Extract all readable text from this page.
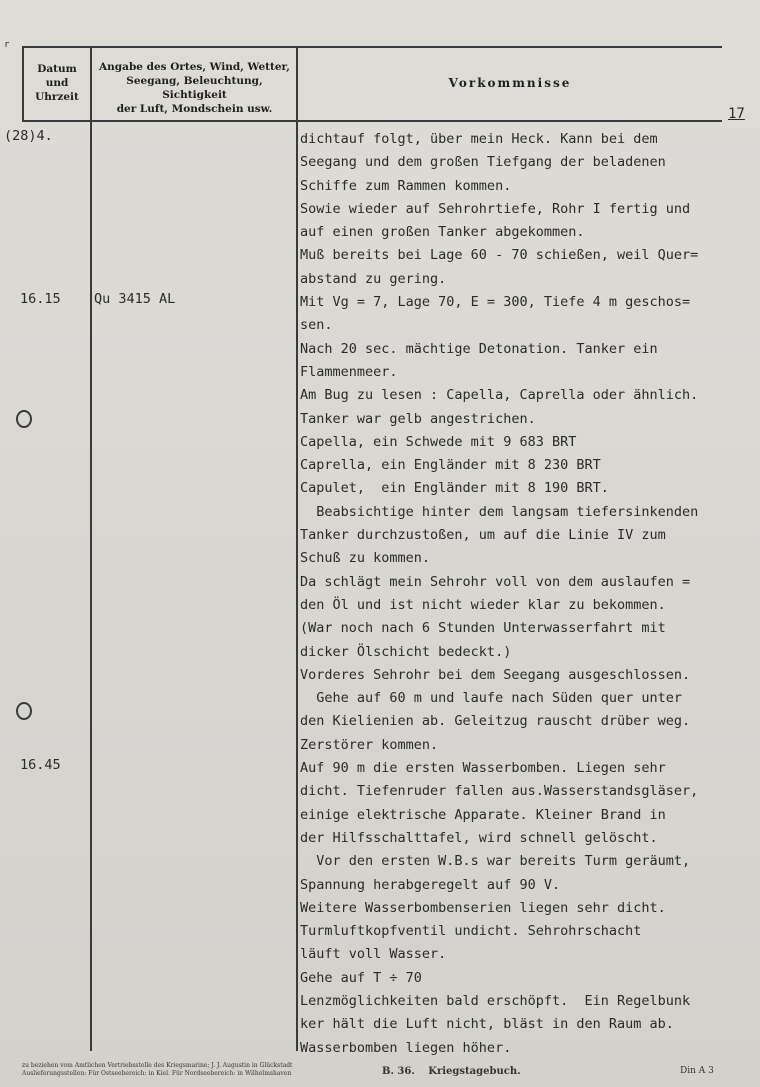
r
Datum
und
Uhrzeit
Angabe des Ortes, Wind, Wetter,
Seegang, Beleuchtung, Sichtigkeit
der Luft, Mondschein usw.
Vorkommnisse
17
(28)4.
16.15 Qu 3415 AL
16.45
dichtauf folgt, über mein Heck. Kann bei dem
Seegang und dem großen Tiefgang der beladenen
Schiffe zum Rammen kommen.
Sowie wieder auf Sehrohrtiefe, Rohr I fertig und
auf einen großen Tanker abgekommen.
Muß bereits bei Lage 60 - 70 schießen, weil Quer=
abstand zu gering.
Mit Vg = 7, Lage 70, E = 300, Tiefe 4 m geschos=
sen.
Nach 20 sec. mächtige Detonation. Tanker ein
Flammenmeer.
Am Bug zu lesen : Capella, Caprella oder ähnlich.
Tanker war gelb angestrichen.
Capella, ein Schwede mit 9 683 BRT
Caprella, ein Engländer mit 8 230 BRT
Capulet,  ein Engländer mit 8 190 BRT.
Beabsichtige hinter dem langsam tiefersinkenden
Tanker durchzustoßen, um auf die Linie IV zum
Schuß zu kommen.
Da schlägt mein Sehrohr voll von dem auslaufen =
den Öl und ist nicht wieder klar zu bekommen.
(War noch nach 6 Stunden Unterwasserfahrt mit
dicker Ölschicht bedeckt.)
Vorderes Sehrohr bei dem Seegang ausgeschlossen.
Gehe auf 60 m und laufe nach Süden quer unter
den Kielienien ab. Geleitzug rauscht drüber weg.
Zerstörer kommen.
Auf 90 m die ersten Wasserbomben. Liegen sehr
dicht. Tiefenruder fallen aus.Wasserstandsgläser,
einige elektrische Apparate. Kleiner Brand in
der Hilfsschalttafel, wird schnell gelöscht.
Vor den ersten W.B.s war bereits Turm geräumt,
Spannung herabgeregelt auf 90 V.
Weitere Wasserbombenserien liegen sehr dicht.
Turmluftkopfventil undicht. Sehrohrschacht
läuft voll Wasser.
Gehe auf T ÷ 70
Lenzmöglichkeiten bald erschöpft.  Ein Regelbunk
ker hält die Luft nicht, bläst in den Raum ab.
Wasserbomben liegen höher.
zu beziehen vom Amtlichen Vertriebsstelle des Kriegsmarine; J. J. Augustin in Glückstadt
Auslieferungsstellen: Für Ostseebereich: in Kiel. Für Nordseebereich: in Wilhelmshaven	B. 36. Kriegstagebuch.	Din A 3
